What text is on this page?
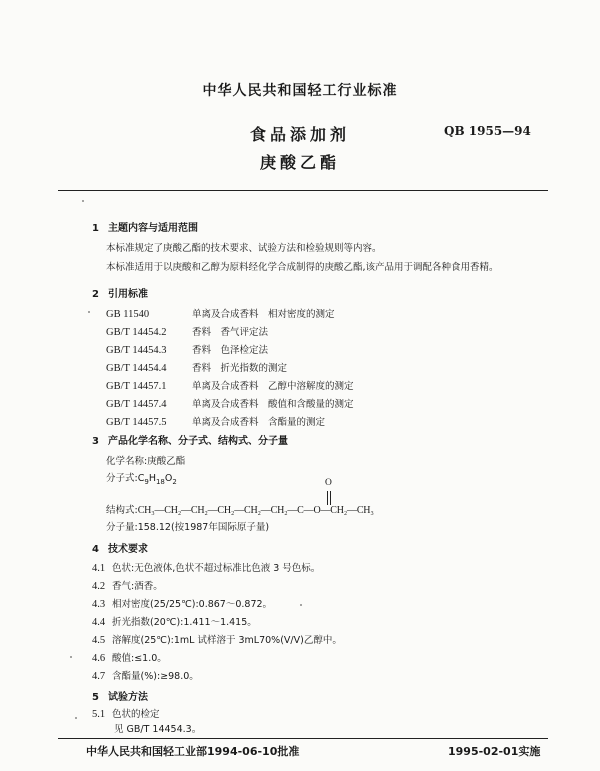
中华人民共和国轻工行业标准
食品添加剂
庚酸乙酯
QB 1955—94
1 主题内容与适用范围
本标准规定了庚酸乙酯的技术要求、试验方法和检验规则等内容。
本标准适用于以庚酸和乙醇为原料经化学合成制得的庚酸乙酯,该产品用于调配各种食用香精。
2 引用标准
GB 11540	单离及合成香料　相对密度的测定
GB/T 14454.2	香料　香气评定法
GB/T 14454.3	香料　色泽检定法
GB/T 14454.4	香料　折光指数的测定
GB/T 14457.1	单离及合成香料　乙醇中溶解度的测定
GB/T 14457.4	单离及合成香料　酸值和含酸量的测定
GB/T 14457.5	单离及合成香料　含酯量的测定
3 产品化学名称、分子式、结构式、分子量
化学名称:庚酸乙酯
分子式$:C_9H_{18}O_2$	O
结构式:CH₃—CH₂—CH₂—CH₂—CH₂—CH₂—C—O—CH₂—CH₃
分子量:158.12(按1987年国际原子量)
4 技术要求
4.1 色状:无色液体,色状不超过标准比色液 3 号色标。
4.2 香气:酒香。
4.3 相对密度(25/25℃):0.867～0.872。
4.4 折光指数(20℃):1.411～1.415。
4.5 溶解度(25℃):1mL 试样溶于 3mL70%(V/V)乙醇中。
4.6 酸值:≤1.0。
4.7 含酯量(%):≥98.0。
5 试验方法
5.1 色状的检定
见 GB/T 14454.3。
中华人民共和国轻工业部1994-06-10批准	1995-02-01实施
